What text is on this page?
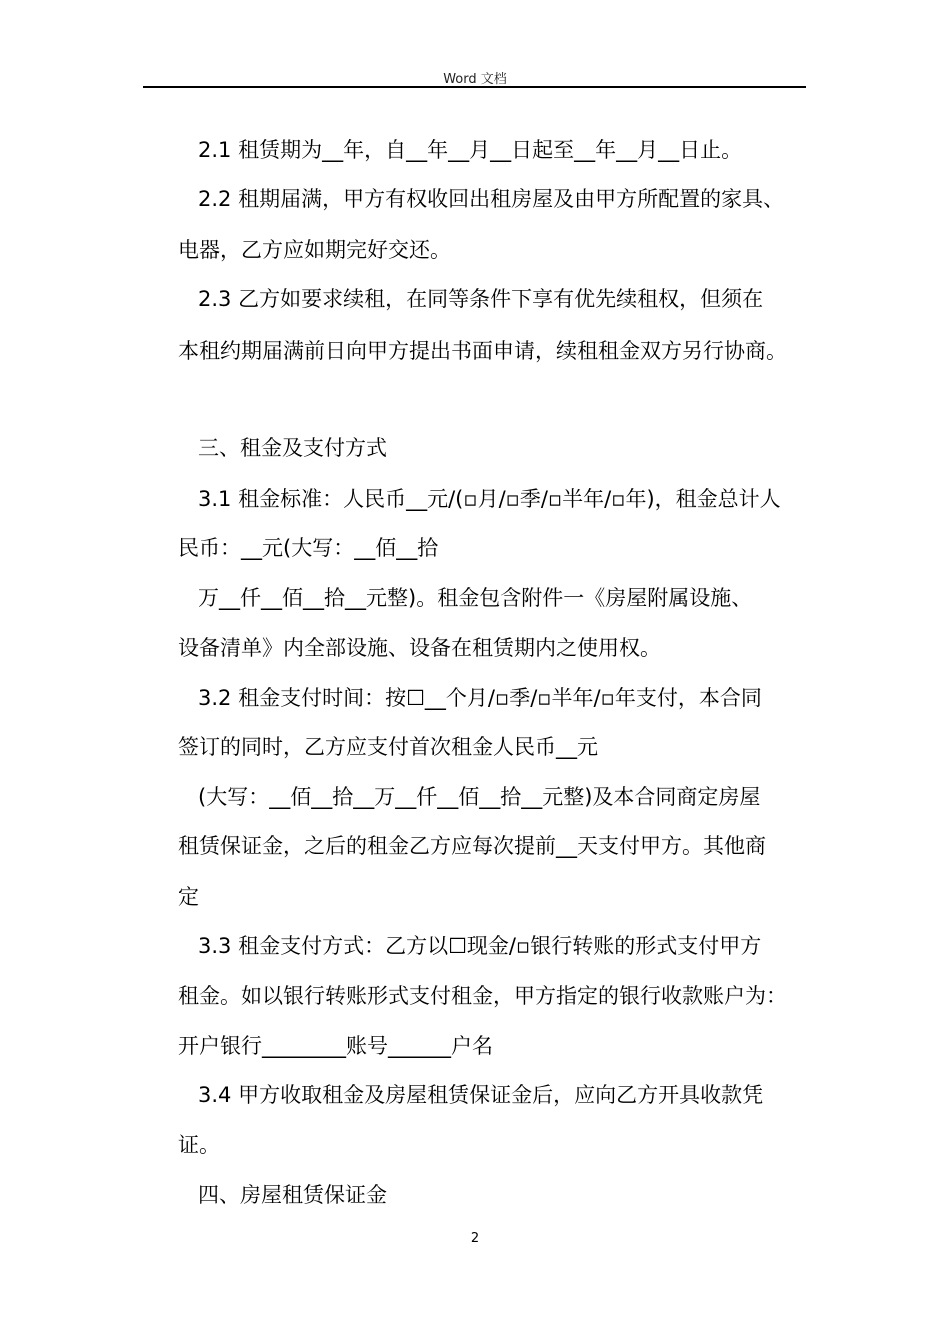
Word 文档
2.1 租赁期为__年，自__年__月__日起至__年__月__日止。
2.2 租期届满，甲方有权收回出租房屋及由甲方所配置的家具、
电器，乙方应如期完好交还。
2.3 乙方如要求续租，在同等条件下享有优先续租权，但须在
本租约期届满前日向甲方提出书面申请，续租租金双方另行协商。
三、租金及支付方式
3.1 租金标准：人民币__元/(▫月/▫季/▫半年/▫年)，租金总计人
民币：__元(大写：__佰__拾
万__仟__佰__拾__元整)。租金包含附件一《房屋附属设施、
设备清单》内全部设施、设备在租赁期内之使用权。
3.2 租金支付时间：按☐__个月/▫季/▫半年/▫年支付，本合同
签订的同时，乙方应支付首次租金人民币__元
(大写：__佰__拾__万__仟__佰__拾__元整)及本合同商定房屋
租赁保证金，之后的租金乙方应每次提前__天支付甲方。其他商
定
3.3 租金支付方式：乙方以☐现金/▫银行转账的形式支付甲方
租金。如以银行转账形式支付租金，甲方指定的银行收款账户为：
开户银行________账号______户名
3.4 甲方收取租金及房屋租赁保证金后，应向乙方开具收款凭
证。
四、房屋租赁保证金
2
